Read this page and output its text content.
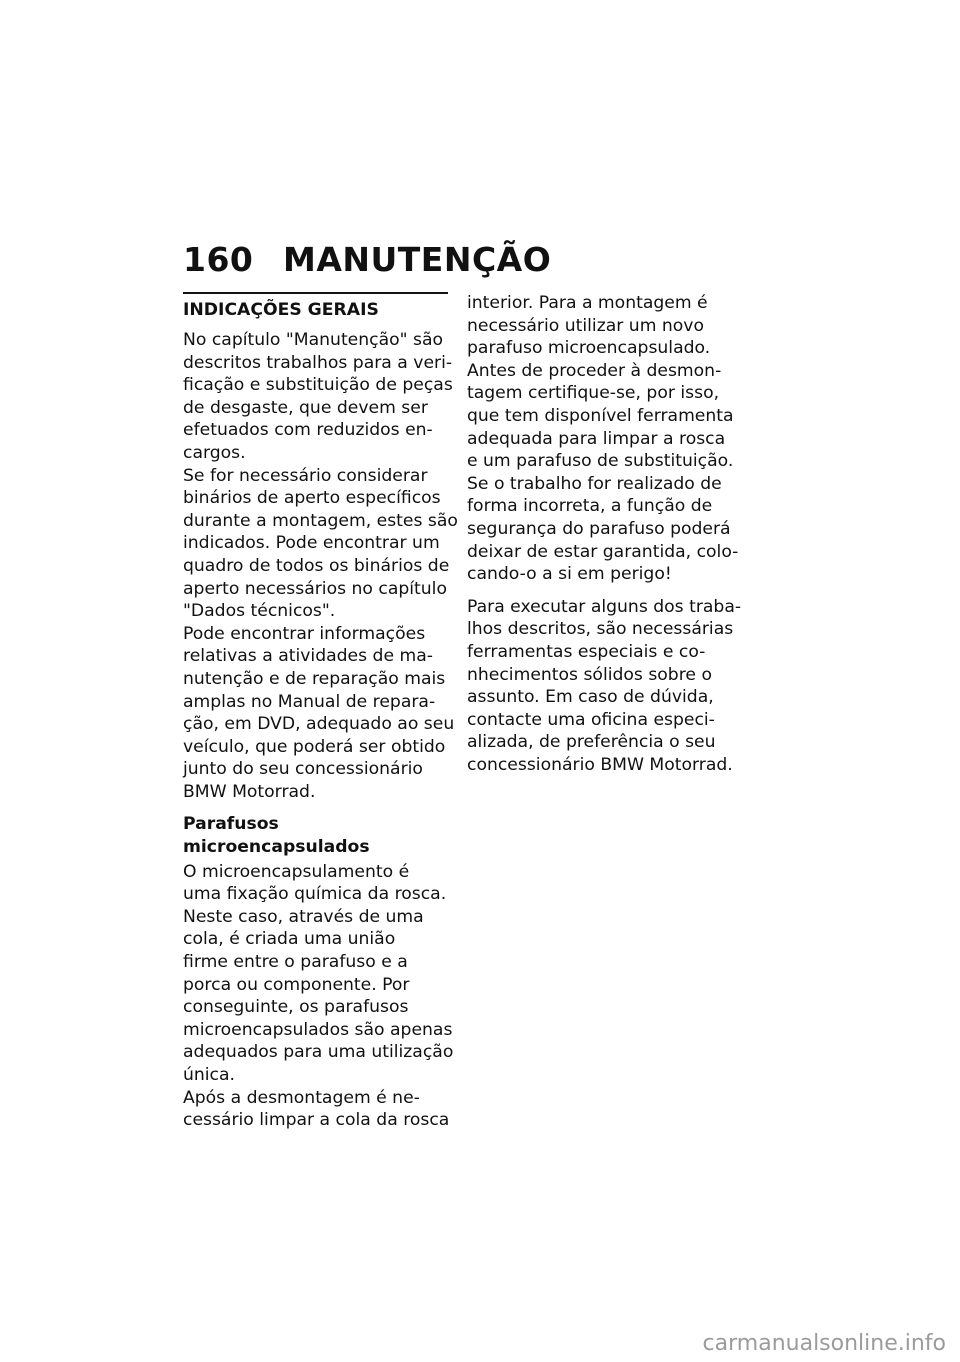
160 MANUTENÇÃO
INDICAÇÕES GERAIS
No capítulo "Manutenção" são
descritos trabalhos para a veri-
ficação e substituição de peças
de desgaste, que devem ser
efetuados com reduzidos en-
cargos.
Se for necessário considerar
binários de aperto específicos
durante a montagem, estes são
indicados. Pode encontrar um
quadro de todos os binários de
aperto necessários no capítulo
"Dados técnicos".
Pode encontrar informações
relativas a atividades de ma-
nutenção e de reparação mais
amplas no Manual de repara-
ção, em DVD, adequado ao seu
veículo, que poderá ser obtido
junto do seu concessionário
BMW Motorrad.
Parafusos microencapsulados
O microencapsulamento é
uma fixação química da rosca.
Neste caso, através de uma
cola, é criada uma união
firme entre o parafuso e a
porca ou componente. Por
conseguinte, os parafusos
microencapsulados são apenas
adequados para uma utilização
única.
Após a desmontagem é ne-
cessário limpar a cola da rosca
interior. Para a montagem é
necessário utilizar um novo
parafuso microencapsulado.
Antes de proceder à desmon-
tagem certifique-se, por isso,
que tem disponível ferramenta
adequada para limpar a rosca
e um parafuso de substituição.
Se o trabalho for realizado de
forma incorreta, a função de
segurança do parafuso poderá
deixar de estar garantida, colo-
cando-o a si em perigo!
Para executar alguns dos traba-
lhos descritos, são necessárias
ferramentas especiais e co-
nhecimentos sólidos sobre o
assunto. Em caso de dúvida,
contacte uma oficina especi-
alizada, de preferência o seu
concessionário BMW Motorrad.
carmanualsonline.info
